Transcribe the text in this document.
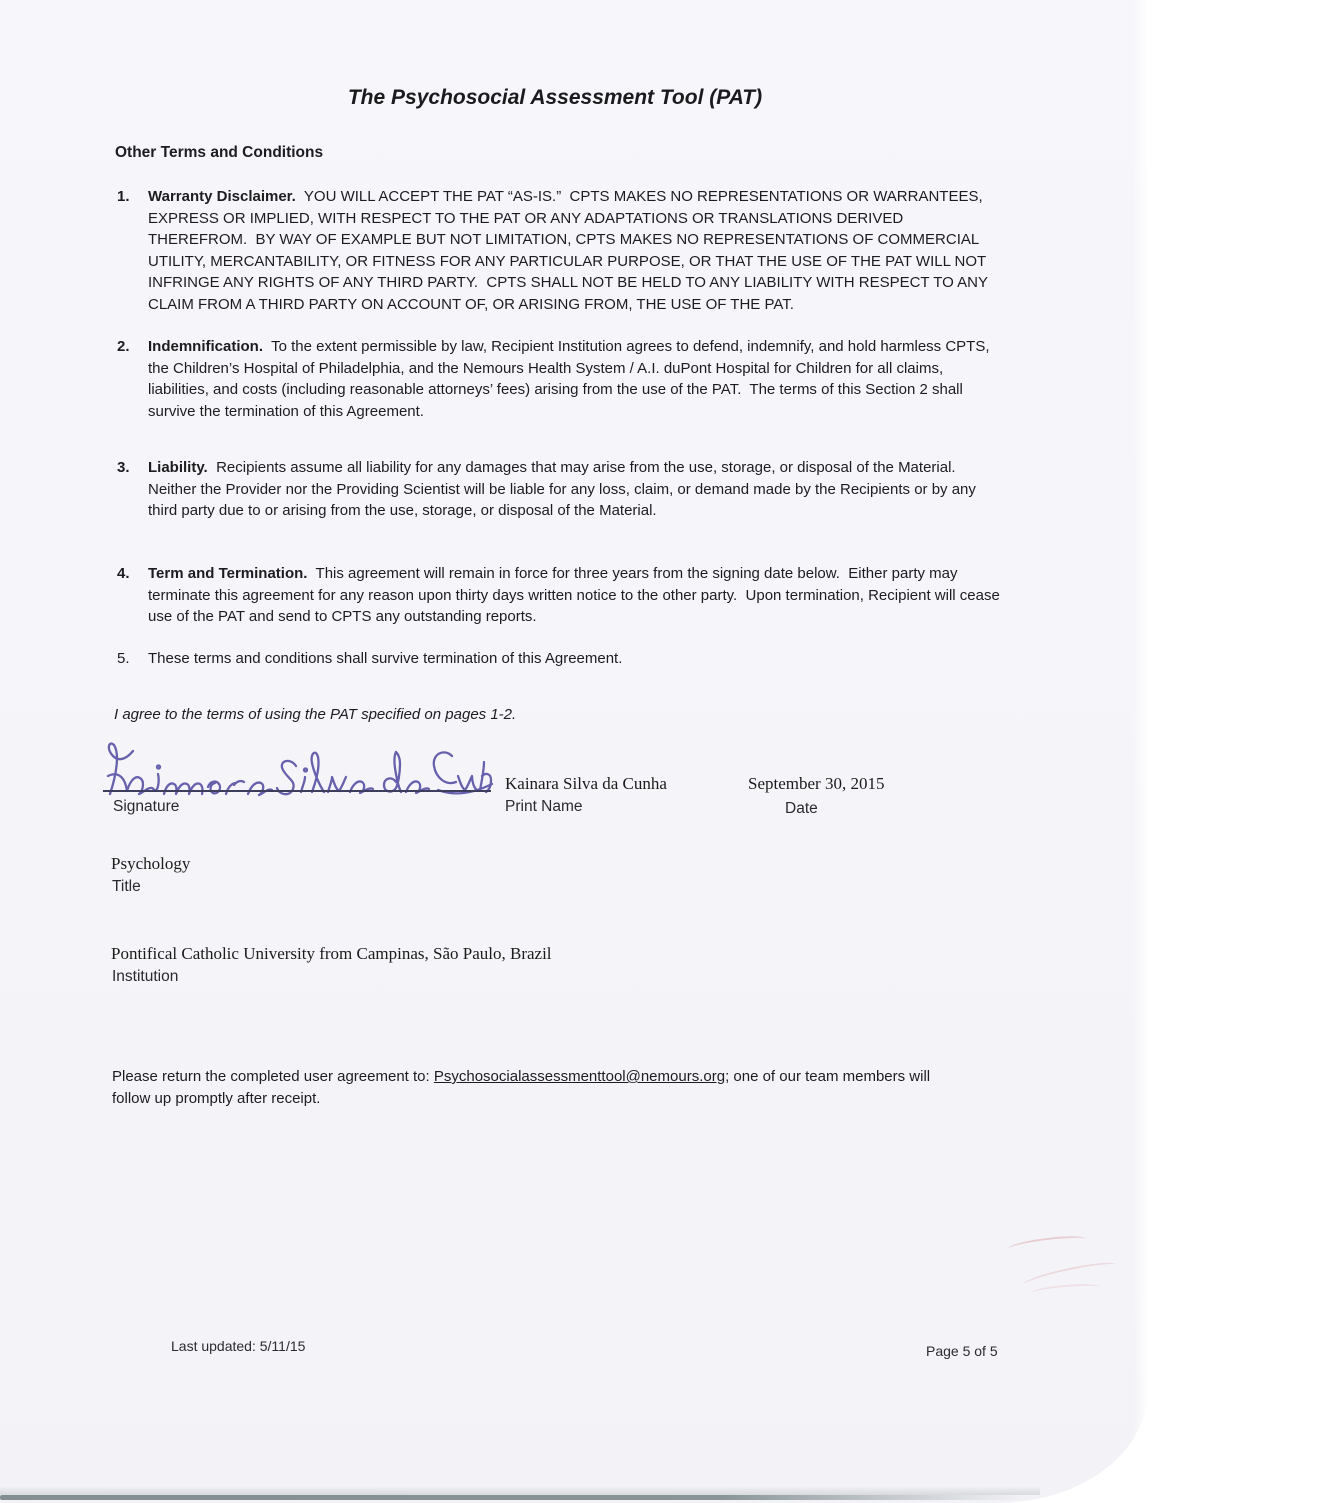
The Psychosocial Assessment Tool (PAT)
Other Terms and Conditions
1. Warranty Disclaimer.  YOU WILL ACCEPT THE PAT “AS-IS.”  CPTS MAKES NO REPRESENTATIONS OR WARRANTEES, EXPRESS OR IMPLIED, WITH RESPECT TO THE PAT OR ANY ADAPTATIONS OR TRANSLATIONS DERIVED THEREFROM.  BY WAY OF EXAMPLE BUT NOT LIMITATION, CPTS MAKES NO REPRESENTATIONS OF COMMERCIAL UTILITY, MERCANTABILITY, OR FITNESS FOR ANY PARTICULAR PURPOSE, OR THAT THE USE OF THE PAT WILL NOT INFRINGE ANY RIGHTS OF ANY THIRD PARTY.  CPTS SHALL NOT BE HELD TO ANY LIABILITY WITH RESPECT TO ANY CLAIM FROM A THIRD PARTY ON ACCOUNT OF, OR ARISING FROM, THE USE OF THE PAT.

2. Indemnification.  To the extent permissible by law, Recipient Institution agrees to defend, indemnify, and hold harmless CPTS, the Children’s Hospital of Philadelphia, and the Nemours Health System / A.I. duPont Hospital for Children for all claims, liabilities, and costs (including reasonable attorneys’ fees) arising from the use of the PAT.  The terms of this Section 2 shall survive the termination of this Agreement.

3. Liability.  Recipients assume all liability for any damages that may arise from the use, storage, or disposal of the Material.  Neither the Provider nor the Providing Scientist will be liable for any loss, claim, or demand made by the Recipients or by any third party due to or arising from the use, storage, or disposal of the Material.

4. Term and Termination.  This agreement will remain in force for three years from the signing date below.  Either party may terminate this agreement for any reason upon thirty days written notice to the other party.  Upon termination, Recipient will cease use of the PAT and send to CPTS any outstanding reports.

5. These terms and conditions shall survive termination of this Agreement.

I agree to the terms of using the PAT specified on pages 1-2.
Signature
Kainara Silva da Cunha
Print Name
September 30, 2015
Date
Psychology
Title
Pontifical Catholic University from Campinas, São Paulo, Brazil
Institution
Please return the completed user agreement to: Psychosocialassessmenttool@nemours.org; one of our team members will follow up promptly after receipt.
Last updated: 5/11/15	Page 5 of 5
